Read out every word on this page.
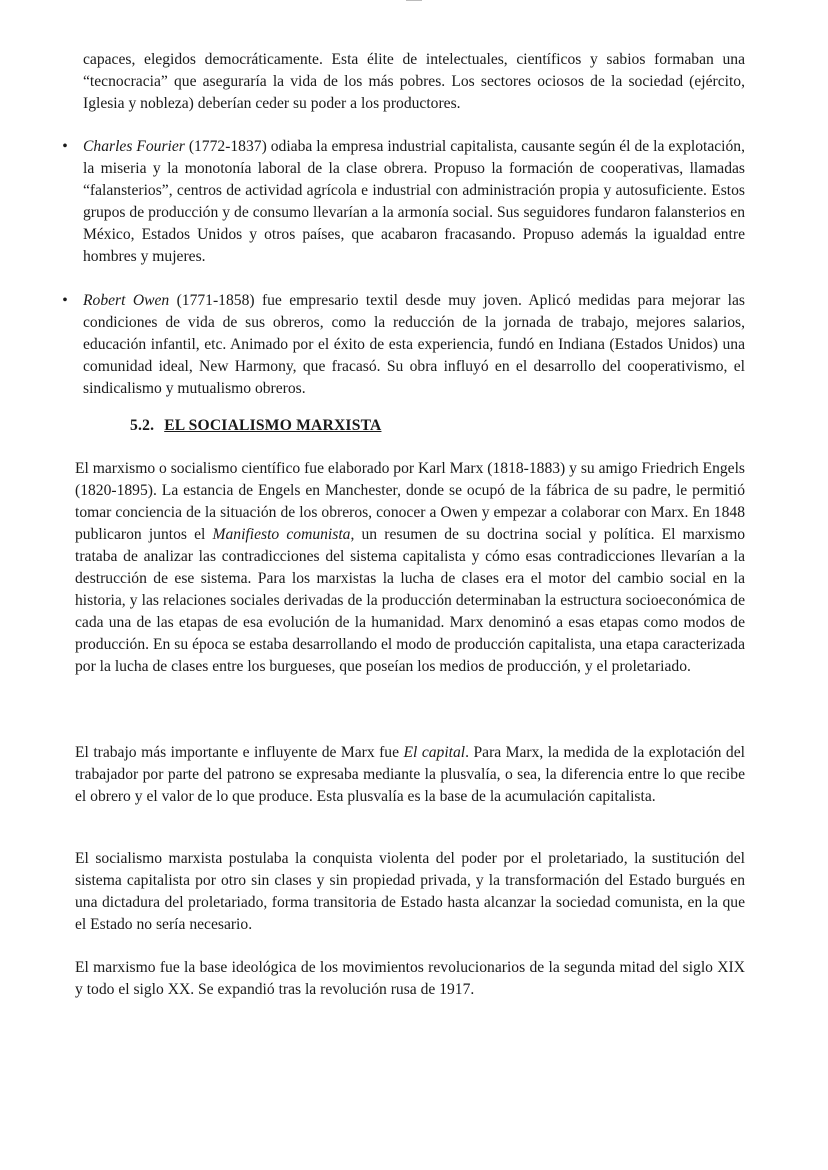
capaces, elegidos democráticamente. Esta élite de intelectuales, científicos y sabios formaban una “tecnocracia” que aseguraría la vida de los más pobres. Los sectores ociosos de la sociedad (ejército, Iglesia y nobleza) deberían ceder su poder a los productores.

• Charles Fourier (1772-1837) odiaba la empresa industrial capitalista, causante según él de la explotación, la miseria y la monotonía laboral de la clase obrera. Propuso la formación de cooperativas, llamadas “falansterios”, centros de actividad agrícola e industrial con administración propia y autosuficiente. Estos grupos de producción y de consumo llevarían a la armonía social. Sus seguidores fundaron falansterios en México, Estados Unidos y otros países, que acabaron fracasando. Propuso además la igualdad entre hombres y mujeres.

• Robert Owen (1771-1858) fue empresario textil desde muy joven. Aplicó medidas para mejorar las condiciones de vida de sus obreros, como la reducción de la jornada de trabajo, mejores salarios, educación infantil, etc. Animado por el éxito de esta experiencia, fundó en Indiana (Estados Unidos) una comunidad ideal, New Harmony, que fracasó. Su obra influyó en el desarrollo del cooperativismo, el sindicalismo y mutualismo obreros.

5.2. EL SOCIALISMO MARXISTA

El marxismo o socialismo científico fue elaborado por Karl Marx (1818-1883) y su amigo Friedrich Engels (1820-1895). La estancia de Engels en Manchester, donde se ocupó de la fábrica de su padre, le permitió tomar conciencia de la situación de los obreros, conocer a Owen y empezar a colaborar con Marx. En 1848 publicaron juntos el Manifiesto comunista, un resumen de su doctrina social y política. El marxismo trataba de analizar las contradicciones del sistema capitalista y cómo esas contradicciones llevarían a la destrucción de ese sistema. Para los marxistas la lucha de clases era el motor del cambio social en la historia, y las relaciones sociales derivadas de la producción determinaban la estructura socioeconómica de cada una de las etapas de esa evolución de la humanidad. Marx denominó a esas etapas como modos de producción. En su época se estaba desarrollando el modo de producción capitalista, una etapa caracterizada por la lucha de clases entre los burgueses, que poseían los medios de producción, y el proletariado.

El trabajo más importante e influyente de Marx fue El capital. Para Marx, la medida de la explotación del trabajador por parte del patrono se expresaba mediante la plusvalía, o sea, la diferencia entre lo que recibe el obrero y el valor de lo que produce. Esta plusvalía es la base de la acumulación capitalista.

El socialismo marxista postulaba la conquista violenta del poder por el proletariado, la sustitución del sistema capitalista por otro sin clases y sin propiedad privada, y la transformación del Estado burgués en una dictadura del proletariado, forma transitoria de Estado hasta alcanzar la sociedad comunista, en la que el Estado no sería necesario.

El marxismo fue la base ideológica de los movimientos revolucionarios de la segunda mitad del siglo XIX y todo el siglo XX. Se expandió tras la revolución rusa de 1917.
